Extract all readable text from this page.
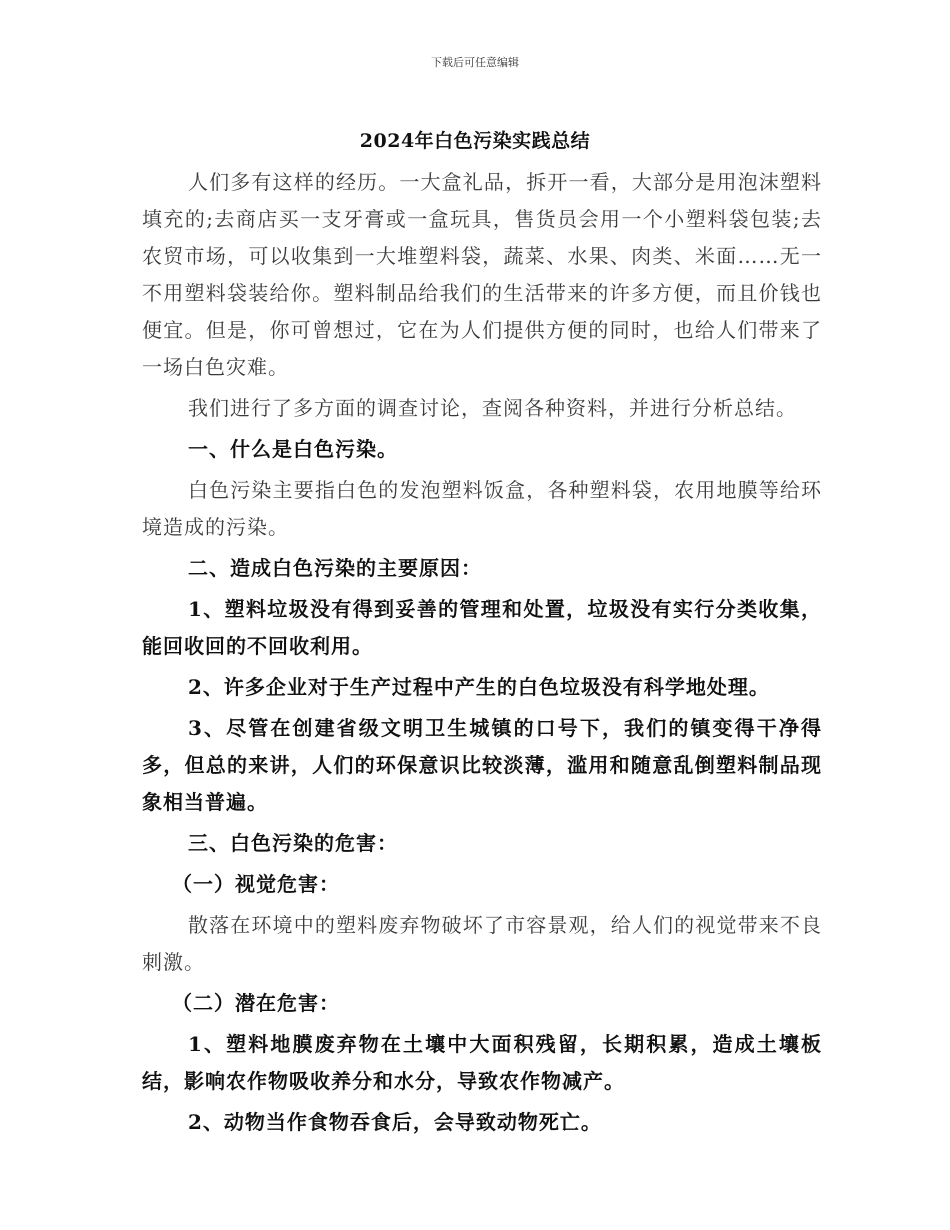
下载后可任意编辑
2024年白色污染实践总结

人们多有这样的经历。一大盒礼品，拆开一看，大部分是用泡沫塑料填充的;去商店买一支牙膏或一盒玩具，售货员会用一个小塑料袋包装;去农贸市场，可以收集到一大堆塑料袋，蔬菜、水果、肉类、米面……无一不用塑料袋装给你。塑料制品给我们的生活带来的许多方便，而且价钱也便宜。但是，你可曾想过，它在为人们提供方便的同时，也给人们带来了一场白色灾难。

我们进行了多方面的调查讨论，查阅各种资料，并进行分析总结。

一、什么是白色污染。

白色污染主要指白色的发泡塑料饭盒，各种塑料袋，农用地膜等给环境造成的污染。

二、造成白色污染的主要原因：

1、塑料垃圾没有得到妥善的管理和处置，垃圾没有实行分类收集，能回收回的不回收利用。

2、许多企业对于生产过程中产生的白色垃圾没有科学地处理。

3、尽管在创建省级文明卫生城镇的口号下，我们的镇变得干净得多，但总的来讲，人们的环保意识比较淡薄，滥用和随意乱倒塑料制品现象相当普遍。

三、白色污染的危害：

（一）视觉危害：

散落在环境中的塑料废弃物破坏了市容景观，给人们的视觉带来不良刺激。

（二）潜在危害：

1、塑料地膜废弃物在土壤中大面积残留，长期积累，造成土壤板结，影响农作物吸收养分和水分，导致农作物减产。

2、动物当作食物吞食后，会导致动物死亡。
